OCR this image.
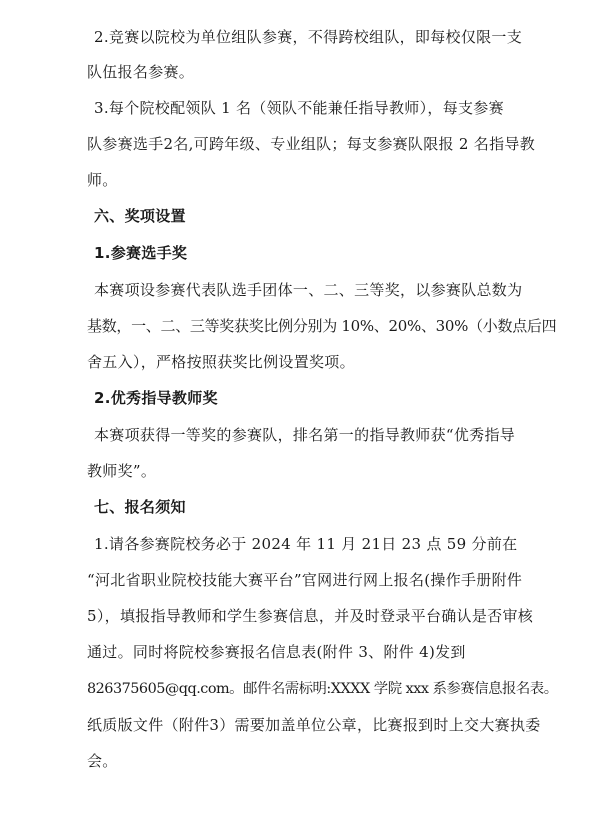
2.竞赛以院校为单位组队参赛，不得跨校组队，即每校仅限一支
队伍报名参赛。
3.每个院校配领队 1 名（领队不能兼任指导教师），每支参赛
队参赛选手2名,可跨年级、专业组队；每支参赛队限报 2 名指导教
师。
六、奖项设置
1.参赛选手奖
本赛项设参赛代表队选手团体一、二、三等奖，以参赛队总数为
基数，一、二、三等奖获奖比例分别为 10%、20%、30%（小数点后四
舍五入），严格按照获奖比例设置奖项。
2.优秀指导教师奖
本赛项获得一等奖的参赛队，排名第一的指导教师获“优秀指导
教师奖”。
七、报名须知
1.请各参赛院校务必于 2024 年 11 月 21日 23 点 59 分前在
“河北省职业院校技能大赛平台”官网进行网上报名(操作手册附件
5），填报指导教师和学生参赛信息，并及时登录平台确认是否审核
通过。同时将院校参赛报名信息表(附件 3、附件 4)发到
826375605@qq.com。邮件名需标明:XXXX 学院 xxx 系参赛信息报名表。
纸质版文件（附件3）需要加盖单位公章，比赛报到时上交大赛执委
会。
